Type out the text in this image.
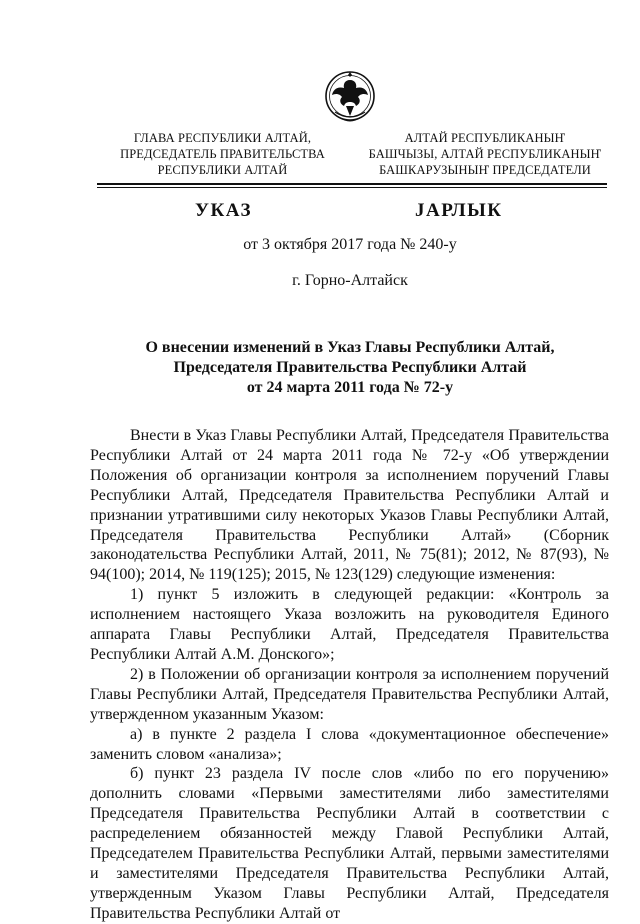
ГЛАВА РЕСПУБЛИКИ АЛТАЙ,
ПРЕДСЕДАТЕЛЬ ПРАВИТЕЛЬСТВА
РЕСПУБЛИКИ АЛТАЙ
АЛТАЙ РЕСПУБЛИКАНЫҤ
БАШЧЫЗЫ, АЛТАЙ РЕСПУБЛИКАНЫҤ
БАШКАРУЗЫНЫҤ ПРЕДСЕДАТЕЛИ
УКАЗ	JАРЛЫК
от 3 октября 2017 года № 240-у
г. Горно-Алтайск
О внесении изменений в Указ Главы Республики Алтай,
Председателя Правительства Республики Алтай
от 24 марта 2011 года № 72-у

Внести в Указ Главы Республики Алтай, Председателя Правительства Республики Алтай от 24 марта 2011 года № 72-у «Об утверждении Положения об организации контроля за исполнением поручений Главы Республики Алтай, Председателя Правительства Республики Алтай и признании утратившими силу некоторых Указов Главы Республики Алтай, Председателя Правительства Республики Алтай» (Сборник законодательства Республики Алтай, 2011, № 75(81); 2012, № 87(93), № 94(100); 2014, № 119(125); 2015, № 123(129) следующие изменения:

1) пункт 5 изложить в следующей редакции: «Контроль за исполнением настоящего Указа возложить на руководителя Единого аппарата Главы Республики Алтай, Председателя Правительства Республики Алтай А.М. Донского»;

2) в Положении об организации контроля за исполнением поручений Главы Республики Алтай, Председателя Правительства Республики Алтай, утвержденном указанным Указом:

а) в пункте 2 раздела I слова «документационное обеспечение» заменить словом «анализа»;

б) пункт 23 раздела IV после слов «либо по его поручению» дополнить словами «Первыми заместителями либо заместителями Председателя Правительства Республики Алтай в соответствии с распределением обязанностей между Главой Республики Алтай, Председателем Правительства Республики Алтай, первыми заместителями и заместителями Председателя Правительства Республики Алтай, утвержденным Указом Главы Республики Алтай, Председателя Правительства Республики Алтай от
